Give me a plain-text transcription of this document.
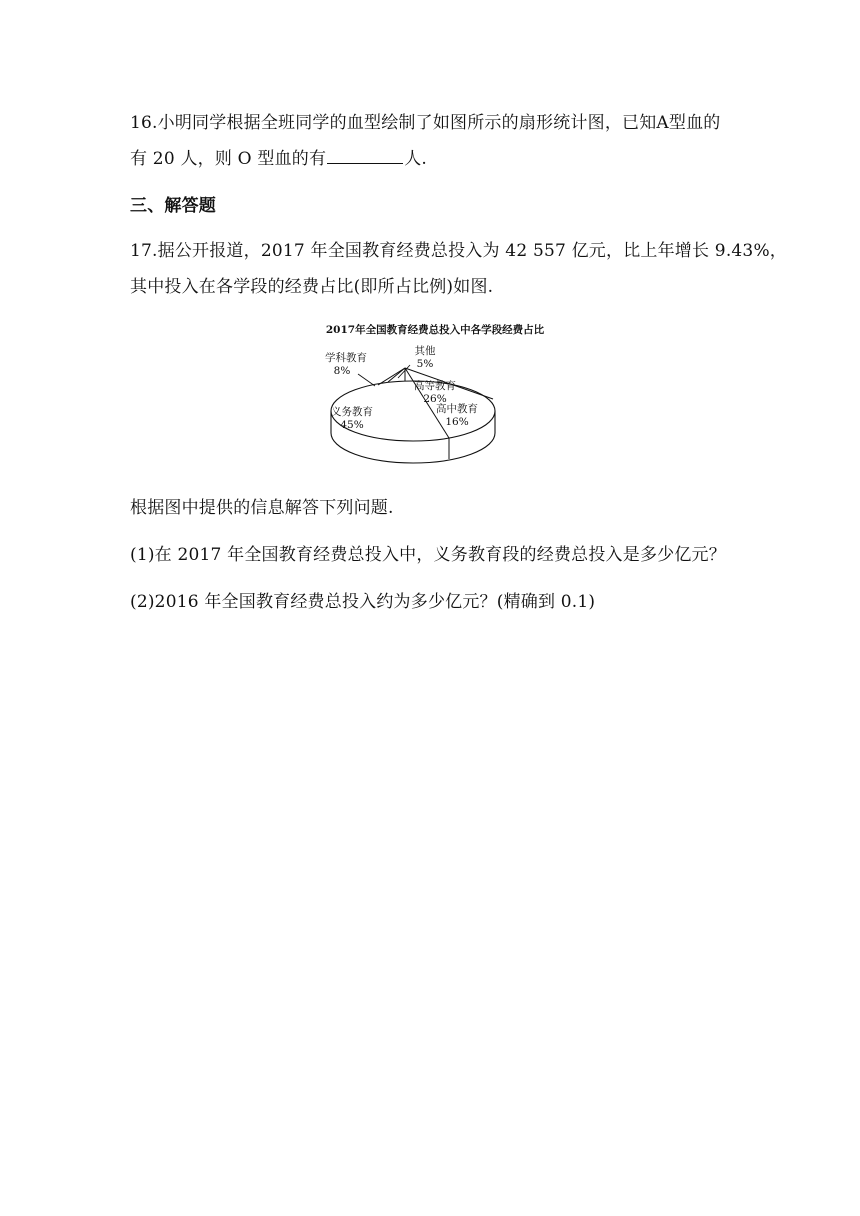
16.小明同学根据全班同学的血型绘制了如图所示的扇形统计图，已知A型血的
有 20 人，则 O 型血的有	人.
三、解答题
17.据公开报道，2017 年全国教育经费总投入为 42 557 亿元，比上年增长 9.43%，
其中投入在各学段的经费占比(即所占比例)如图.
2017年全国教育经费总投入中各学段经费占比
义务教育
45%
高中教育
16%
高等教育
26%
其他
5%
学科教育
8%
根据图中提供的信息解答下列问题.
(1)在 2017 年全国教育经费总投入中，义务教育段的经费总投入是多少亿元？
(2)2016 年全国教育经费总投入约为多少亿元？(精确到 0.1)
